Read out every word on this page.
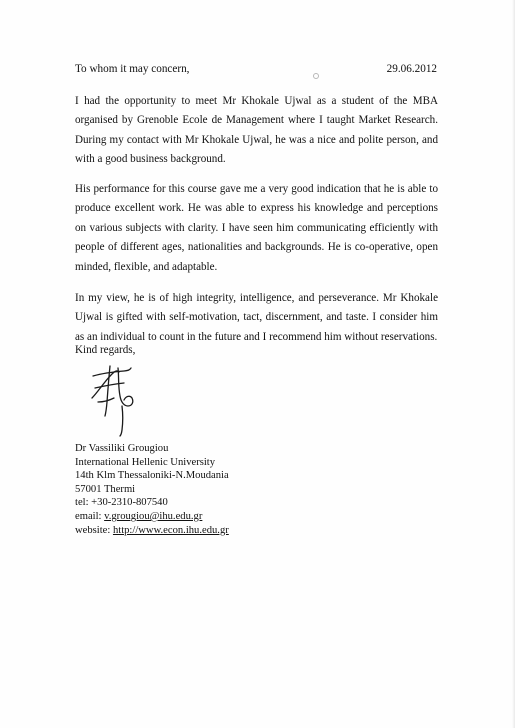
To whom it may concern,	29.06.2012

I had the opportunity to meet Mr Khokale Ujwal as a student of the MBA organised by Grenoble Ecole de Management where I taught Market Research. During my contact with Mr Khokale Ujwal, he was a nice and polite person, and with a good business background.

His performance for this course gave me a very good indication that he is able to produce excellent work. He was able to express his knowledge and perceptions on various subjects with clarity. I have seen him communicating efficiently with people of different ages, nationalities and backgrounds. He is co-operative, open minded, flexible, and adaptable.

In my view, he is of high integrity, intelligence, and perseverance. Mr Khokale Ujwal is gifted with self-motivation, tact, discernment, and taste. I consider him as an individual to count in the future and I recommend him without reservations.

Kind regards,

Dr Vassiliki Grougiou
International Hellenic University
14th Klm Thessaloniki-N.Moudania
57001 Thermi
tel: +30-2310-807540
email: v.grougiou@ihu.edu.gr
website: http://www.econ.ihu.edu.gr
